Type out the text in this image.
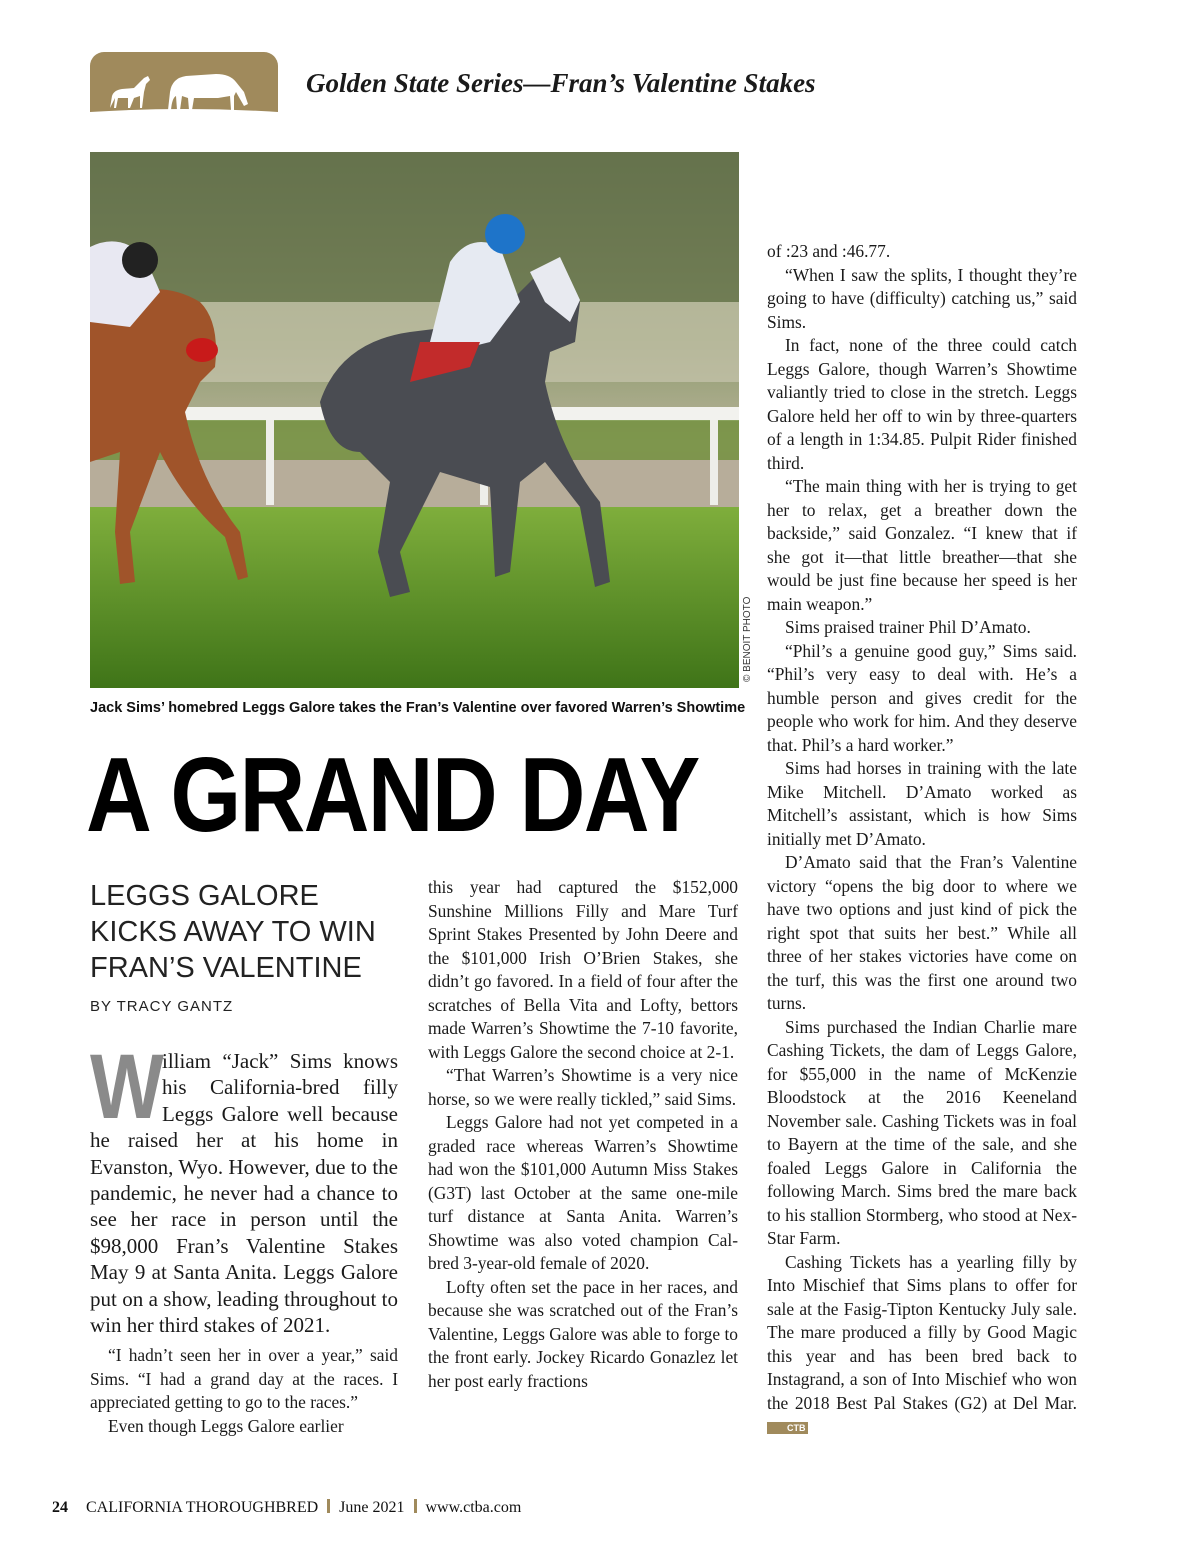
Golden State Series—Fran’s Valentine Stakes
© BENOIT PHOTO
Jack Sims’ homebred Leggs Galore takes the Fran’s Valentine over favored Warren’s Showtime
A GRAND DAY
LEGGS GALORE
KICKS AWAY TO WIN
FRAN’S VALENTINE
BY TRACY GANTZ

W
illiam “Jack” Sims knows his California-bred filly Leggs Galore well because he raised her at his home in Evanston, Wyo. However, due to the pandemic, he never had a chance to see her race in person until the $98,000 Fran’s Valentine Stakes May 9 at Santa Anita. Leggs Galore put on a show, leading throughout to win her third stakes of 2021.

“I hadn’t seen her in over a year,” said Sims. “I had a grand day at the races. I appreciated getting to go to the races.”

Even though Leggs Galore earlier

this year had captured the $152,000 Sunshine Millions Filly and Mare Turf Sprint Stakes Presented by John Deere and the $101,000 Irish O’Brien Stakes, she didn’t go favored. In a field of four after the scratches of Bella Vita and Lofty, bettors made Warren’s Showtime the 7-10 favorite, with Leggs Galore the second choice at 2-1.

“That Warren’s Showtime is a very nice horse, so we were really tickled,” said Sims.

Leggs Galore had not yet competed in a graded race whereas Warren’s Showtime had won the $101,000 Autumn Miss Stakes (G3T) last October at the same one-mile turf distance at Santa Anita. Warren’s Showtime was also voted champion Cal-bred 3-year-old female of 2020.

Lofty often set the pace in her races, and because she was scratched out of the Fran’s Valentine, Leggs Galore was able to forge to the front early. Jockey Ricardo Gonazlez let her post early fractions

of :23 and :46.77.

“When I saw the splits, I thought they’re going to have (difficulty) catching us,” said Sims.

In fact, none of the three could catch Leggs Galore, though Warren’s Showtime valiantly tried to close in the stretch. Leggs Galore held her off to win by three-quarters of a length in 1:34.85. Pulpit Rider finished third.

“The main thing with her is trying to get her to relax, get a breather down the backside,” said Gonzalez. “I knew that if she got it—that little breather—that she would be just fine because her speed is her main weapon.”

Sims praised trainer Phil D’Amato.

“Phil’s a genuine good guy,” Sims said. “Phil’s very easy to deal with. He’s a humble person and gives credit for the people who work for him. And they deserve that. Phil’s a hard worker.”

Sims had horses in training with the late Mike Mitchell. D’Amato worked as Mitchell’s assistant, which is how Sims initially met D’Amato.

D’Amato said that the Fran’s Valentine victory “opens the big door to where we have two options and just kind of pick the right spot that suits her best.” While all three of her stakes victories have come on the turf, this was the first one around two turns.

Sims purchased the Indian Charlie mare Cashing Tickets, the dam of Leggs Galore, for $55,000 in the name of McKenzie Bloodstock at the 2016 Keeneland November sale. Cashing Tickets was in foal to Bayern at the time of the sale, and she foaled Leggs Galore in California the following March. Sims bred the mare back to his stallion Stormberg, who stood at Nex-Star Farm.

Cashing Tickets has a yearling filly by Into Mischief that Sims plans to offer for sale at the Fasig-Tipton Kentucky July sale. The mare produced a filly by Good Magic this year and has been bred back to Instagrand, a son of Into Mischief who won the 2018 Best Pal Stakes (G2) at Del Mar. CTB

24 CALIFORNIA THOROUGHBRED June 2021 www.ctba.com
